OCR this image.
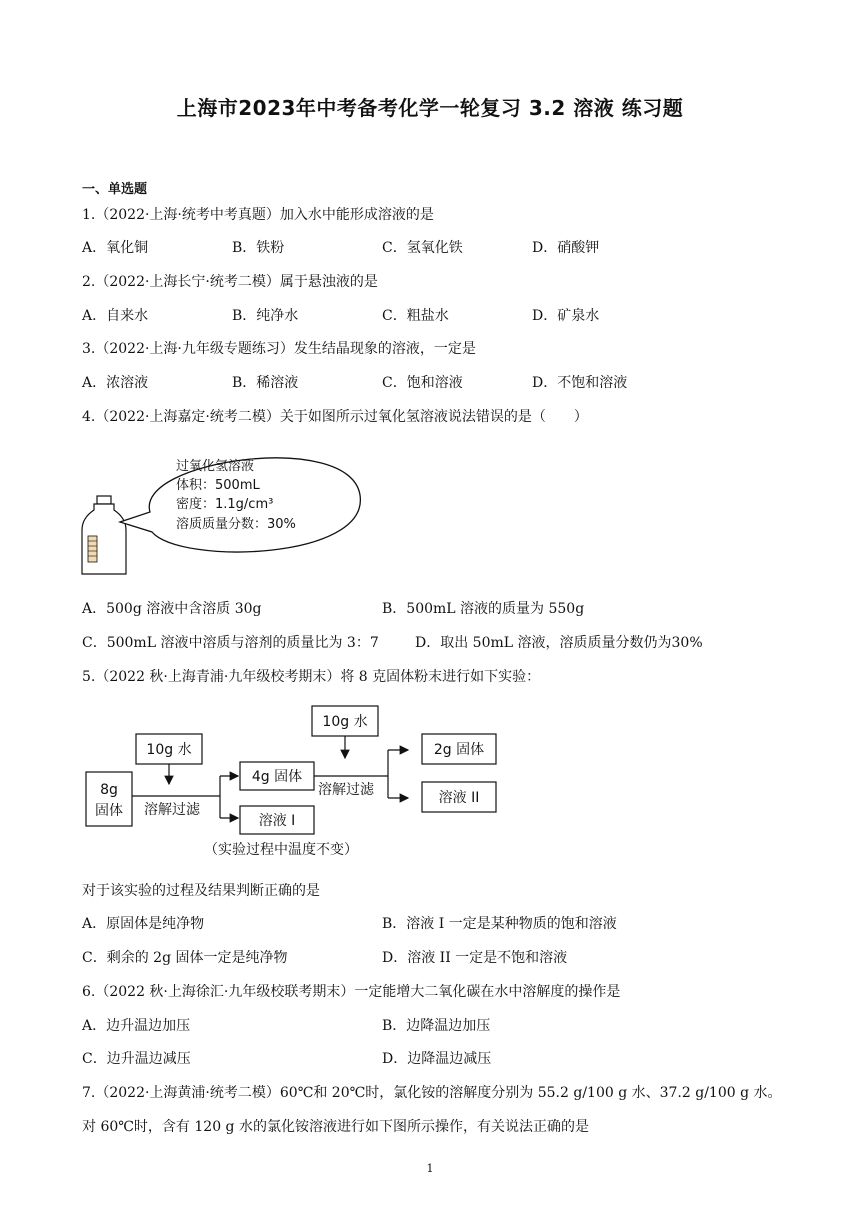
上海市2023年中考备考化学一轮复习 3.2 溶液 练习题
一、单选题
1.（2022·上海·统考中考真题）加入水中能形成溶液的是
A．氧化铜	B．铁粉	C．氢氧化铁	D．硝酸钾
2.（2022·上海长宁·统考二模）属于悬浊液的是
A．自来水	B．纯净水	C．粗盐水	D．矿泉水
3.（2022·上海·九年级专题练习）发生结晶现象的溶液，一定是
A．浓溶液	B．稀溶液	C．饱和溶液	D．不饱和溶液
4.（2022·上海嘉定·统考二模）关于如图所示过氧化氢溶液说法错误的是（　　）
过氧化氢溶液
体积：500mL
密度：1.1g/cm³
溶质质量分数：30%
A．500g 溶液中含溶质 30g	B．500mL 溶液的质量为 550g
C．500mL 溶液中溶质与溶剂的质量比为 3：7	D．取出 50mL 溶液，溶质质量分数仍为30%
5.（2022 秋·上海青浦·九年级校考期末）将 8 克固体粉末进行如下实验：
8g
固体
10g 水
溶解过滤
4g 固体
溶液 I
10g 水
溶解过滤
2g 固体
溶液 II
（实验过程中温度不变）
对于该实验的过程及结果判断正确的是
A．原固体是纯净物	B．溶液 I 一定是某种物质的饱和溶液
C．剩余的 2g 固体一定是纯净物	D．溶液 II 一定是不饱和溶液
6.（2022 秋·上海徐汇·九年级校联考期末）一定能增大二氧化碳在水中溶解度的操作是
A．边升温边加压	B．边降温边加压
C．边升温边减压	D．边降温边减压
7.（2022·上海黄浦·统考二模）60℃和 20℃时，氯化铵的溶解度分别为 55.2 g/100 g 水、37.2 g/100 g 水。
对 60℃时，含有 120 g 水的氯化铵溶液进行如下图所示操作，有关说法正确的是
1
